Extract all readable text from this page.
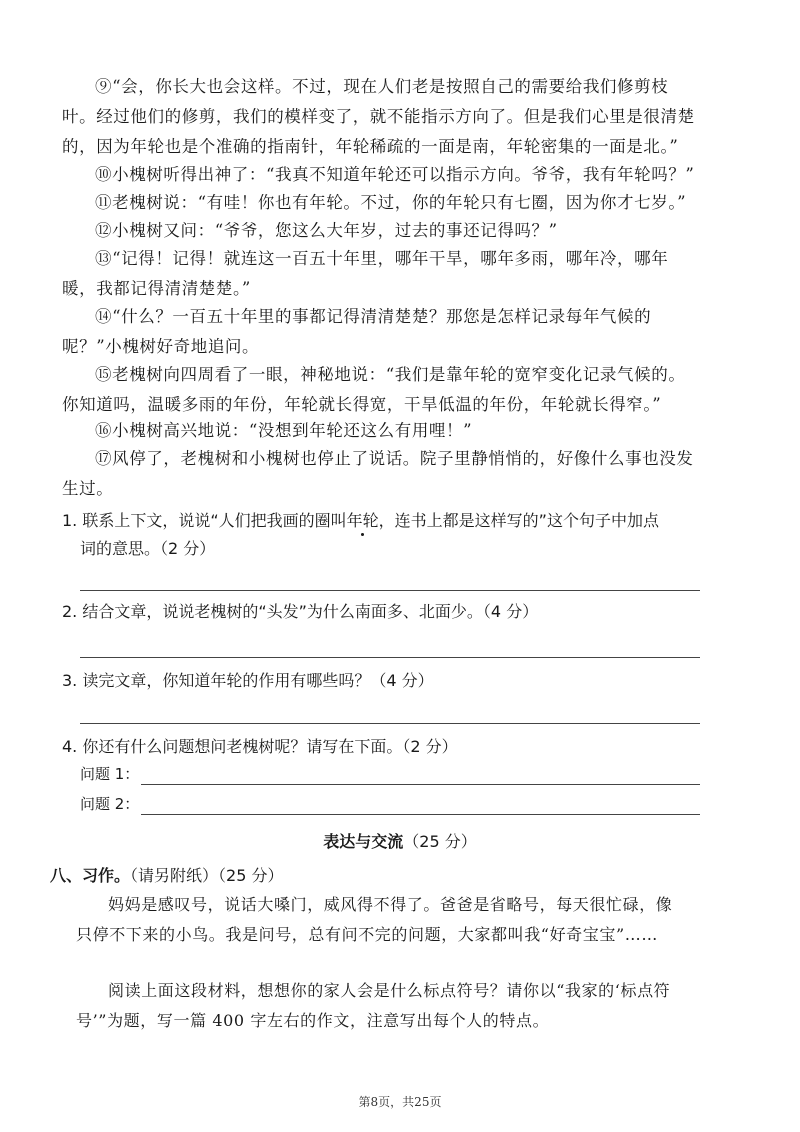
⑨“会，你长大也会这样。不过，现在人们老是按照自己的需要给我们修剪枝叶。经过他们的修剪，我们的模样变了，就不能指示方向了。但是我们心里是很清楚的，因为年轮也是个准确的指南针，年轮稀疏的一面是南，年轮密集的一面是北。”

⑩小槐树听得出神了：“我真不知道年轮还可以指示方向。爷爷，我有年轮吗？”

⑪老槐树说：“有哇！你也有年轮。不过，你的年轮只有七圈，因为你才七岁。”

⑫小槐树又问：“爷爷，您这么大年岁，过去的事还记得吗？”

⑬“记得！记得！就连这一百五十年里，哪年干旱，哪年多雨，哪年冷，哪年暖，我都记得清清楚楚。”

⑭“什么？一百五十年里的事都记得清清楚楚？那您是怎样记录每年气候的呢？”小槐树好奇地追问。

⑮老槐树向四周看了一眼，神秘地说：“我们是靠年轮的宽窄变化记录气候的。你知道吗，温暖多雨的年份，年轮就长得宽，干旱低温的年份，年轮就长得窄。”

⑯小槐树高兴地说：“没想到年轮还这么有用哩！”

⑰风停了，老槐树和小槐树也停止了说话。院子里静悄悄的，好像什么事也没发生过。

1. 联系上下文，说说“人们把我画的圈叫年轮，连书上都是这样写的”这个句子中加点
词的意思。（2 分）
2. 结合文章，说说老槐树的“头发”为什么南面多、北面少。（4 分）
3. 读完文章，你知道年轮的作用有哪些吗？（4 分）
4. 你还有什么问题想问老槐树呢？请写在下面。（2 分）
问题 1：
问题 2：
表达与交流（25 分）
八、习作。（请另附纸）（25 分）

妈妈是感叹号，说话大嗓门，威风得不得了。爸爸是省略号，每天很忙碌，像只停不下来的小鸟。我是问号，总有问不完的问题，大家都叫我“好奇宝宝”……

阅读上面这段材料，想想你的家人会是什么标点符号？请你以“我家的‘标点符号’”为题，写一篇 400 字左右的作文，注意写出每个人的特点。

第8页，共25页
